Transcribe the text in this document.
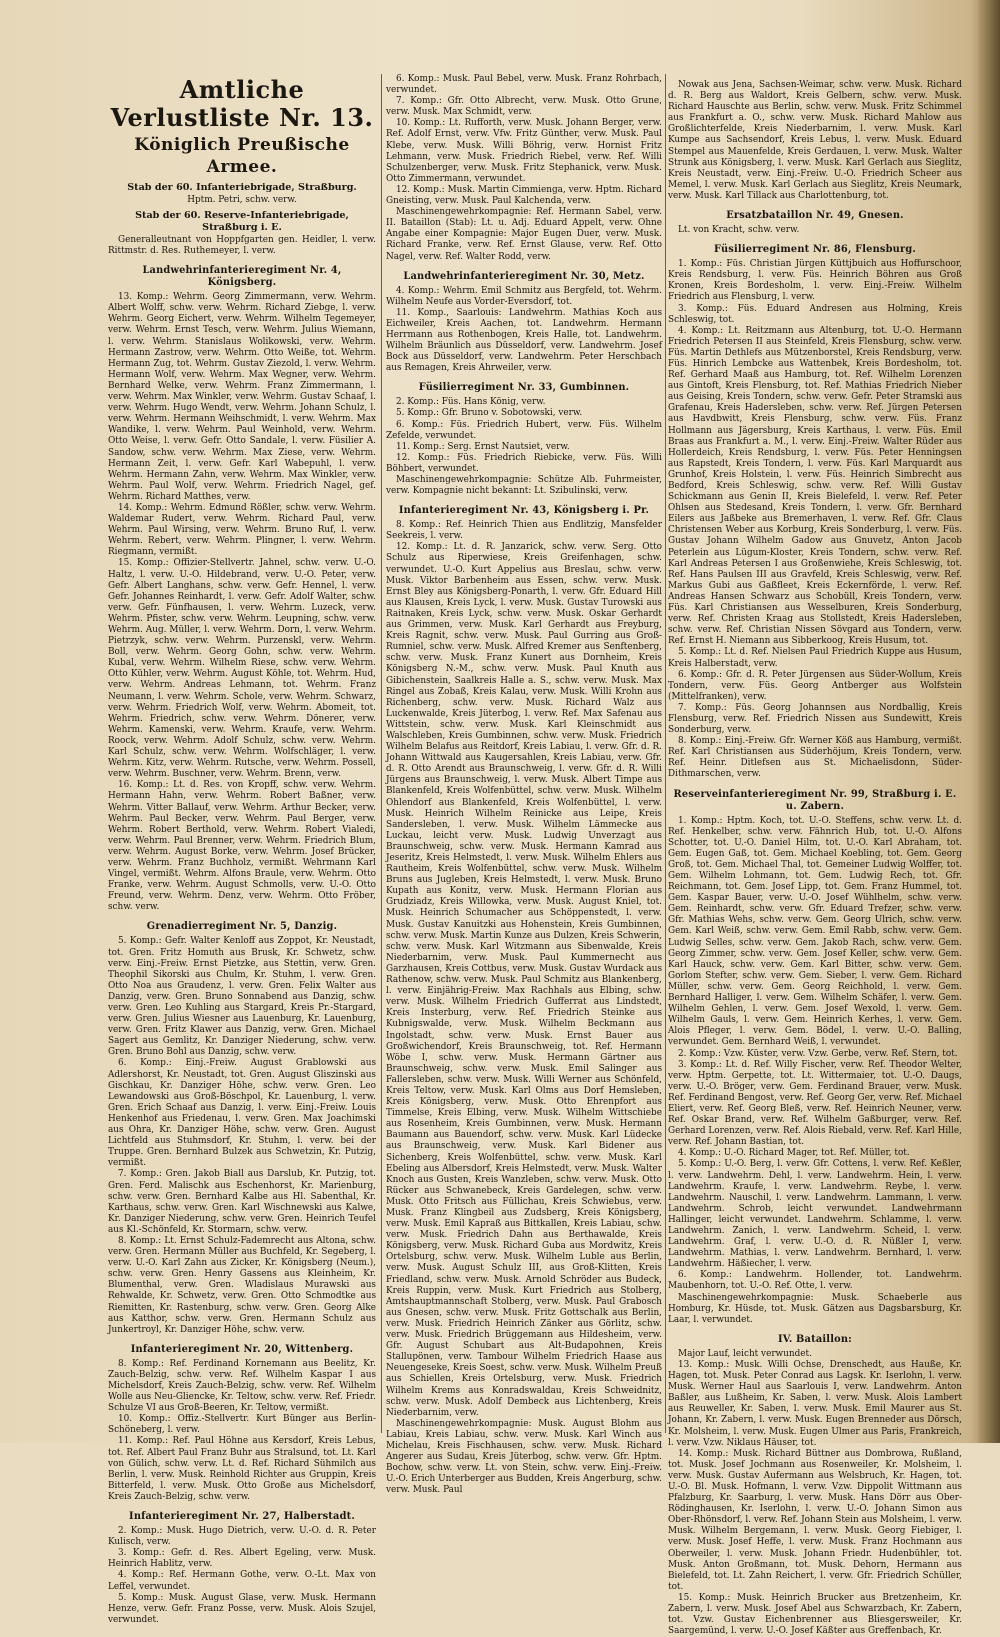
Amtliche Verlustliste Nr. 13.
Königlich Preußische Armee.
Stab der 60. Infanteriebrigade, Straßburg.
Hptm. Petri, schw. verw.
Stab der 60. Reserve-Infanteriebrigade, Straßburg i. E.
Generalleutnant von Hoppfgarten gen. Heidler, l. verw. Rittmstr. d. Res. Ruthemeyer, l. verw.
Landwehrinfanterieregiment Nr. 4, Königsberg.
13. Komp.: Wehrm. Georg Zimmermann, verw. Wehrm. Albert Wolff, schw. verw. Wehrm. Richard Ziebge, l. verw. Wehrm. Georg Eichert, verw. Wehrm. Wilhelm Tegemeyer, verw. Wehrm. Ernst Tesch, verw. Wehrm. Julius Wiemann, l. verw. Wehrm. Stanislaus Wolikowski, verw. Wehrm. Hermann Zastrow, verw. Wehrm. Otto Weiße, tot. Wehrm. Hermann Zug, tot. Wehrm. Gustav Ziezold, l. verw. Wehrm. Hermann Wolf, verw. Wehrm. Max Wegner, verw. Wehrm. Bernhard Welke, verw. Wehrm. Franz Zimmermann, l. verw. Wehrm. Max Winkler, verw. Wehrm. Gustav Schaaf, l. verw. Wehrm. Hugo Wendt, verw. Wehrm. Johann Schulz, l. verw. Wehrm. Hermann Weihschmidt, l. verw. Wehrm. Max Wandike, l. verw. Wehrm. Paul Weinhold, verw. Wehrm. Otto Weise, l. verw. Gefr. Otto Sandale, l. verw. Füsilier A. Sandow, schw. verw. Wehrm. Max Ziese, verw. Wehrm. Hermann Zeit, l. verw. Gefr. Karl Wabepuhl, l. verw. Wehrm. Hermann Zahn, verw. Wehrm. Max Winkler, verw. Wehrm. Paul Wolf, verw. Wehrm. Friedrich Nagel, gef. Wehrm. Richard Matthes, verw.
14. Komp.: Wehrm. Edmund Rößler, schw. verw. Wehrm. Waldemar Rudert, verw. Wehrm. Richard Paul, verw. Wehrm. Paul Wirsing, verw. Wehrm. Bruno Ruf, l. verw. Wehrm. Rebert, verw. Wehrm. Plingner, l. verw. Wehrm. Riegmann, vermißt.
15. Komp.: Offizier-Stellvertr. Jahnel, schw. verw. U.-O. Haltz, l. verw. U.-O. Hildebrand, verw. U.-O. Peter, verw. Gefr. Albert Langhans, schw. verw. Gefr. Hennel, l. verw. Gefr. Johannes Reinhardt, l. verw. Gefr. Adolf Walter, schw. verw. Gefr. Fünfhausen, l. verw. Wehrm. Luzeck, verw. Wehrm. Pfister, schw. verw. Wehrm. Leupning, schw. verw. Wehrm. Aug. Müller, l. verw. Wehrm. Dorn, l. verw. Wehrm. Pietrzyk, schw. verw. Wehrm. Purzenskl, verw. Wehrm. Boll, verw. Wehrm. Georg Gohn, schw. verw. Wehrm. Kubal, verw. Wehrm. Wilhelm Riese, schw. verw. Wehrm. Otto Kühler, verw. Wehrm. August Köhle, tot. Wehrm. Hud, verw. Wehrm. Andreas Lehmann, tot. Wehrm. Franz Neumann, l. verw. Wehrm. Schole, verw. Wehrm. Schwarz, verw. Wehrm. Friedrich Wolf, verw. Wehrm. Abomeit, tot. Wehrm. Friedrich, schw. verw. Wehrm. Dönerer, verw. Wehrm. Kamenski, verw. Wehrm. Kraufe, verw. Wehrm. Roock, verw. Wehrm. Adolf Schulz, schw. verw. Wehrm. Karl Schulz, schw. verw. Wehrm. Wolfschläger, l. verw. Wehrm. Kitz, verw. Wehrm. Rutsche, verw. Wehrm. Possell, verw. Wehrm. Buschner, verw. Wehrm. Brenn, verw.
16. Komp.: Lt. d. Res. von Kropff, schw. verw. Wehrm. Hermann Hahn, verw. Wehrm. Robert Baßner, verw. Wehrm. Vitter Ballauf, verw. Wehrm. Arthur Becker, verw. Wehrm. Paul Becker, verw. Wehrm. Paul Berger, verw. Wehrm. Robert Berthold, verw. Wehrm. Robert Vialedi, verw. Wehrm. Paul Brenner, verw. Wehrm. Friedrich Blum, verw. Wehrm. August Borke, verw. Wehrm. Josef Brücker, verw. Wehrm. Franz Buchholz, vermißt. Wehrmann Karl Vingel, vermißt. Wehrm. Alfons Braule, verw. Wehrm. Otto Franke, verw. Wehrm. August Schmolls, verw. U.-O. Otto Freund, verw. Wehrm. Denz, verw. Wehrm. Otto Fröber, schw. verw.
Grenadierregiment Nr. 5, Danzig.
5. Komp.: Gefr. Walter Kenloff aus Zoppot, Kr. Neustadt, tot. Gren. Fritz Homuth aus Brusk, Kr. Schwetz, schw. verw. Einj.-Freiw. Ernst Pietzke, aus Stettin, verw. Gren. Theophil Sikorski aus Chulm, Kr. Stuhm, l. verw. Gren. Otto Noa aus Graudenz, l. verw. Gren. Felix Walter aus Danzig, verw. Gren. Bruno Sonnabend aus Danzig, schw. verw. Gren. Leo Kuhling aus Stargard, Kreis Pr.-Stargard, verw. Gren. Julius Wiesner aus Lauenburg, Kr. Lauenburg, verw. Gren. Fritz Klawer aus Danzig, verw. Gren. Michael Sagert aus Gemlitz, Kr. Danziger Niederung, schw. verw. Gren. Bruno Bohl aus Danzig, schw. verw.
6. Komp.: Einj.-Freiw. August Grablowski aus Adlershorst, Kr. Neustadt, tot. Gren. August Gliszinski aus Gischkau, Kr. Danziger Höhe, schw. verw. Gren. Leo Lewandowski aus Groß-Böschpol, Kr. Lauenburg, l. verw. Gren. Erich Schaaf aus Danzig, l. verw. Einj.-Freiw. Louis Henkenhof aus Friedenau, l. verw. Gren. Max Joachimski aus Ohra, Kr. Danziger Höhe, schw. verw. Gren. August Lichtfeld aus Stuhmsdorf, Kr. Stuhm, l. verw. bei der Truppe. Gren. Bernhard Bulzek aus Schwetzin, Kr. Putzig, vermißt.
7. Komp.: Gren. Jakob Biall aus Darslub, Kr. Putzig, tot. Gren. Ferd. Malischk aus Eschenhorst, Kr. Marienburg, schw. verw. Gren. Bernhard Kalbe aus Hl. Sabenthal, Kr. Karthaus, schw. verw. Gren. Karl Wischnewski aus Kalwe, Kr. Danziger Niederung, schw. verw. Gren. Heinrich Teufel aus Kl.-Schönfeld, Kr. Stormarn, schw. verw.
8. Komp.: Lt. Ernst Schulz-Fademrecht aus Altona, schw. verw. Gren. Hermann Müller aus Buchfeld, Kr. Segeberg, l. verw. U.-O. Karl Zahn aus Zicker, Kr. Königsberg (Neum.), schw. verw. Gren. Henry Gassens aus Kleinheim, Kr. Blumenthal, verw. Gren. Wladislaus Murawski aus Rehwalde, Kr. Schwetz, verw. Gren. Otto Schmodtke aus Riemitten, Kr. Rastenburg, schw. verw. Gren. Georg Alke aus Katthor, schw. verw. Gren. Hermann Schulz aus Junkertroyl, Kr. Danziger Höhe, schw. verw.
Infanterieregiment Nr. 20, Wittenberg.
8. Komp.: Ref. Ferdinand Kornemann aus Beelitz, Kr. Zauch-Belzig, schw. verw. Ref. Wilhelm Kaspar I aus Michelsdorf, Kreis Zauch-Belzig, schw. verw. Ref. Wilhelm Wolle aus Neu-Gliencke, Kr. Teltow, schw. verw. Ref. Friedr. Schulze VI aus Groß-Beeren, Kr. Teltow, vermißt.
10. Komp.: Offiz.-Stellvertr. Kurt Bünger aus Berlin-Schöneberg, l. verw.
11. Komp.: Ref. Paul Höhne aus Kersdorf, Kreis Lebus, tot. Ref. Albert Paul Franz Buhr aus Stralsund, tot. Lt. Karl von Gülich, schw. verw. Lt. d. Ref. Richard Sühmilch aus Berlin, l. verw. Musk. Reinhold Richter aus Gruppin, Kreis Bitterfeld, l. verw. Musk. Otto Große aus Michelsdorf, Kreis Zauch-Belzig, schw. verw.
Infanterieregiment Nr. 27, Halberstadt.
2. Komp.: Musk. Hugo Dietrich, verw. U.-O. d. R. Peter Kulisch, verw.
3. Komp.: Gefr. d. Res. Albert Egeling, verw. Musk. Heinrich Hablitz, verw.
4. Komp.: Ref. Hermann Gothe, verw. O.-Lt. Max von Leffel, verwundet.
5. Komp.: Musk. August Glase, verw. Musk. Hermann Henze, verw. Gefr. Franz Posse, verw. Musk. Alois Szujel, verwundet.
6. Komp.: Musk. Paul Bebel, verw. Musk. Franz Rohrbach, verwundet.
7. Komp.: Gfr. Otto Albrecht, verw. Musk. Otto Grune, verw. Musk. Max Schmidt, verw.
10. Komp.: Lt. Rufforth, verw. Musk. Johann Berger, verw. Ref. Adolf Ernst, verw. Vfw. Fritz Günther, verw. Musk. Paul Klebe, verw. Musk. Willi Böhrig, verw. Hornist Fritz Lehmann, verw. Musk. Friedrich Riebel, verw. Ref. Willi Schulzenberger, verw. Musk. Fritz Stephanick, verw. Musk. Otto Zimmermann, verwundet.
12. Komp.: Musk. Martin Cimmienga, verw. Hptm. Richard Gneisting, verw. Musk. Paul Kalchenda, verw.
Maschinengewehrkompagnie: Ref. Hermann Sabel, verw. II. Bataillon (Stab): Lt. u. Adj. Eduard Appelt, verw. Ohne Angabe einer Kompagnie: Major Eugen Duer, verw. Musk. Richard Franke, verw. Ref. Ernst Glause, verw. Ref. Otto Nagel, verw. Ref. Walter Rodd, verw.
Landwehrinfanterieregiment Nr. 30, Metz.
4. Komp.: Wehrm. Emil Schmitz aus Bergfeld, tot. Wehrm. Wilhelm Neufe aus Vorder-Eversdorf, tot.
11. Komp., Saarlouis: Landwehrm. Mathias Koch aus Eichweiler, Kreis Aachen, tot. Landwehrm. Hermann Herrmann aus Rothenbogen, Kreis Halle, tot. Landwehrm. Wilhelm Bräunlich aus Düsseldorf, verw. Landwehrm. Josef Bock aus Düsseldorf, verw. Landwehrm. Peter Herschbach aus Remagen, Kreis Ahrweiler, verw.
Füsilierregiment Nr. 33, Gumbinnen.
2. Komp.: Füs. Hans König, verw.
5. Komp.: Gfr. Bruno v. Sobotowski, verw.
6. Komp.: Füs. Friedrich Hubert, verw. Füs. Wilhelm Zefelde, verwundet.
11. Komp.: Serg. Ernst Nautsiet, verw.
12. Komp.: Füs. Friedrich Riebicke, verw. Füs. Willi Böhbert, verwundet.
Maschinengewehrkompagnie: Schütze Alb. Fuhrmeister, verw. Kompagnie nicht bekannt: Lt. Szibulinski, verw.
Infanterieregiment Nr. 43, Königsberg i. Pr.
8. Komp.: Ref. Heinrich Thien aus Endlitzig, Mansfelder Seekreis, l. verw.
12. Komp.: Lt. d. R. Janzarick, schw. verw. Serg. Otto Schulz aus Riperwiese, Kreis Greifenhagen, schw. verwundet. U.-O. Kurt Appelius aus Breslau, schw. verw. Musk. Viktor Barbenheim aus Essen, schw. verw. Musk. Ernst Bley aus Königsberg-Ponarth, l. verw. Gfr. Eduard Hill aus Klausen, Kreis Lyck, l. verw. Musk. Gustav Turowski aus Raitnaken, Kreis Lyck, schw. verw. Musk. Oskar Gerhardt aus Grimmen, verw. Musk. Karl Gerhardt aus Freyburg, Kreis Ragnit, schw. verw. Musk. Paul Gurring aus Groß-Rumniel, schw. verw. Musk. Alfred Kremer aus Senftenberg, schw. verw. Musk. Franz Kunert aus Dornheim, Kreis Königsberg N.-M., schw. verw. Musk. Paul Knuth aus Gibichenstein, Saalkreis Halle a. S., schw. verw. Musk. Max Ringel aus Zobaß, Kreis Kalau, verw. Musk. Willi Krohn aus Richenberg, schw. verw. Musk. Richard Walz aus Luckenwalde, Kreis Jüterbog, l. verw. Ref. Max Safenau aus Wittstein, schw. verw. Musk. Karl Kleinschmidt aus Walschleben, Kreis Gumbinnen, schw. verw. Musk. Friedrich Wilhelm Belafus aus Reitdorf, Kreis Labiau, l. verw. Gfr. d. R. Johann Wittwald aus Kaugersahlen, Kreis Labiau, verw. Gfr. d. R. Otto Arendt aus Braunschweig, l. verw. Gfr. d. R. Willi Jürgens aus Braunschweig, l. verw. Musk. Albert Timpe aus Blankenfeld, Kreis Wolfenbüttel, schw. verw. Musk. Wilhelm Ohlendorf aus Blankenfeld, Kreis Wolfenbüttel, l. verw. Musk. Heinrich Wilhelm Reinicke aus Leipe, Kreis Sandersleben, l. verw. Musk. Wilhelm Lämmecke aus Luckau, leicht verw. Musk. Ludwig Unverzagt aus Braunschweig, schw. verw. Musk. Hermann Kamrad aus Jeseritz, Kreis Helmstedt, l. verw. Musk. Wilhelm Ehlers aus Rautheim, Kreis Wolfenbüttel, schw. verw. Musk. Wilhelm Bruns aus Jugleben, Kreis Helmstedt, l. verw. Musk. Bruno Kupath aus Konitz, verw. Musk. Hermann Florian aus Grudziadz, Kreis Willowka, verw. Musk. August Kniel, tot. Musk. Heinrich Schumacher aus Schöppenstedt, l. verw. Musk. Gustav Kanuitzki aus Hohenstein, Kreis Gumbinnen, schw. verw. Musk. Martin Kunze aus Dulzen, Kreis Schwerin, schw. verw. Musk. Karl Witzmann aus Sibenwalde, Kreis Niederbarnim, verw. Musk. Paul Kummernecht aus Garzhausen, Kreis Cottbus, verw. Musk. Gustav Wurdack aus Rathenow, schw. verw. Musk. Paul Schmitz aus Blankenberg, l. verw. Einjährig-Freiw. Max Rachhals aus Elbing, schw. verw. Musk. Wilhelm Friedrich Gufferrat aus Lindstedt, Kreis Insterburg, verw. Ref. Friedrich Steinke aus Kubnigswalde, verw. Musk. Wilhelm Beckmann aus Ingolstadt, schw. verw. Musk. Ernst Bauer aus Großwichendorf, Kreis Braunschweig, tot. Ref. Hermann Wöbe I, schw. verw. Musk. Hermann Gärtner aus Braunschweig, schw. verw. Musk. Emil Salinger aus Fallersleben, schw. verw. Musk. Willi Werner aus Schönfeld, Kreis Teltow, verw. Musk. Karl Olms aus Dorf Hemsleben, Kreis Königsberg, verw. Musk. Otto Ehrenpfort aus Timmelse, Kreis Elbing, verw. Musk. Wilhelm Wittschiebe aus Rosenheim, Kreis Gumbinnen, verw. Musk. Hermann Baumann aus Bauendorf, schw. verw. Musk. Karl Lüdecke aus Braunschweig, verw. Musk. Karl Bidener aus Sichenberg, Kreis Wolfenbüttel, schw. verw. Musk. Karl Ebeling aus Albersdorf, Kreis Helmstedt, verw. Musk. Walter Knoch aus Gusten, Kreis Wanzleben, schw. verw. Musk. Otto Rücker aus Schwanebeck, Kreis Gardelegen, schw. verw. Musk. Otto Fritsch aus Füllichau, Kreis Schwiebus, verw. Musk. Franz Klingbeil aus Zudsberg, Kreis Königsberg, verw. Musk. Emil Kapraß aus Bittkallen, Kreis Labiau, schw. verw. Musk. Friedrich Dahn aus Berthawalde, Kreis Königsberg, verw. Musk. Richard Guba aus Mordwitz, Kreis Ortelsburg, schw. verw. Musk. Wilhelm Luble aus Berlin, verw. Musk. August Schulz III, aus Groß-Klitten, Kreis Friedland, schw. verw. Musk. Arnold Schröder aus Budeck, Kreis Ruppin, verw. Musk. Kurt Friedrich aus Stolberg, Amtshauptmannschaft Stolberg, verw. Musk. Paul Grabosch aus Gnesen, schw. verw. Musk. Fritz Gottschalk aus Berlin, verw. Musk. Friedrich Heinrich Zänker aus Görlitz, schw. verw. Musk. Friedrich Brüggemann aus Hildesheim, verw. Gfr. August Schubart aus Alt-Budapohnen, Kreis Stallupönen, verw. Tambour Wilhelm Friedrich Haase aus Neuengeseke, Kreis Soest, schw. verw. Musk. Wilhelm Preuß aus Schiellen, Kreis Ortelsburg, verw. Musk. Friedrich Wilhelm Krems aus Konradswaldau, Kreis Schweidnitz, schw. verw. Musk. Adolf Dembeck aus Lichtenberg, Kreis Niederbarnim, verw.
Maschinengewehrkompagnie: Musk. August Blohm aus Labiau, Kreis Labiau, schw. verw. Musk. Karl Winch aus Michelau, Kreis Fischhausen, schw. verw. Musk. Richard Angerer aus Sudau, Kreis Jüterbog, schw. verw. Gfr. Hptm. Bochow, schw. verw. Lt. von Stein, schw. verw. Einj.-Freiw. U.-O. Erich Unterberger aus Budden, Kreis Angerburg, schw. verw. Musk. Paul
Nowak aus Jena, Sachsen-Weimar, schw. verw. Musk. Richard d. R. Berg aus Waldort, Kreis Gelbern, schw. verw. Musk. Richard Hauschte aus Berlin, schw. verw. Musk. Fritz Schimmel aus Frankfurt a. O., schw. verw. Musk. Richard Mahlow aus Großlichterfelde, Kreis Niederbarnim, l. verw. Musk. Karl Kumpe aus Sachsendorf, Kreis Lebus, l. verw. Musk. Eduard Stempel aus Mauenfelde, Kreis Gerdauen, l. verw. Musk. Walter Strunk aus Königsberg, l. verw. Musk. Karl Gerlach aus Sieglitz, Kreis Neustadt, verw. Einj.-Freiw. U.-O. Friedrich Scheer aus Memel, l. verw. Musk. Karl Gerlach aus Sieglitz, Kreis Neumark, verw. Musk. Karl Tillack aus Charlottenburg, tot.
Ersatzbataillon Nr. 49, Gnesen.
Lt. von Kracht, schw. verw.
Füsilierregiment Nr. 86, Flensburg.
1. Komp.: Füs. Christian Jürgen Küttjbuich aus Hoffurschoor, Kreis Rendsburg, l. verw. Füs. Heinrich Böhren aus Groß Kronen, Kreis Bordesholm, l. verw. Einj.-Freiw. Wilhelm Friedrich aus Flensburg, l. verw.
3. Komp.: Füs. Eduard Andresen aus Holming, Kreis Schleswig, tot.
4. Komp.: Lt. Reitzmann aus Altenburg, tot. U.-O. Hermann Friedrich Petersen II aus Steinfeld, Kreis Flensburg, schw. verw. Füs. Martin Dethlefs aus Mützenborstel, Kreis Rendsburg, verw. Füs. Hinrich Lembcke aus Wattenbek, Kreis Bordesholm, tot. Ref. Gerhard Maaß aus Hamburg, tot. Ref. Wilhelm Lorenzen aus Gintoft, Kreis Flensburg, tot. Ref. Mathias Friedrich Nieber aus Geising, Kreis Tondern, schw. verw. Gefr. Peter Stramski aus Grafenau, Kreis Hadersleben, schw. verw. Ref. Jürgen Petersen aus Havdbwitt, Kreis Flensburg, schw. verw. Füs. Franz Hollmann aus Jägersburg, Kreis Karthaus, l. verw. Füs. Emil Braas aus Frankfurt a. M., l. verw. Einj.-Freiw. Walter Rüder aus Hollerdeich, Kreis Rendsburg, l. verw. Füs. Peter Henningsen aus Rapstedt, Kreis Tondern, l. verw. Füs. Karl Marquardt aus Grunhof, Kreis Holstein, l. verw. Füs. Heinrich Simbrecht aus Bedford, Kreis Schleswig, schw. verw. Ref. Willi Gustav Schickmann aus Genin II, Kreis Bielefeld, l. verw. Ref. Peter Ohlsen aus Stedesand, Kreis Tondern, l. verw. Gfr. Bernhard Eilers aus Jaßbeke aus Bremerhaven, l. verw. Ref. Gfr. Claus Christensen Weber aus Korburg, Kreis Sonderburg, l. verw. Füs. Gustav Johann Wilhelm Gadow aus Gnuvetz, Anton Jacob Peterlein aus Lügum-Kloster, Kreis Tondern, schw. verw. Ref. Karl Andreas Petersen I aus Großenwiehe, Kreis Schleswig, tot. Ref. Hans Paulsen III aus Gravfeld, Kreis Schleswig, verw. Ref. Markus Gubi aus Gaßfleet, Kreis Eckernförde, l. verw. Ref. Andreas Hansen Schwarz aus Schobüll, Kreis Tondern, verw. Füs. Karl Christiansen aus Wesselburen, Kreis Sonderburg, verw. Ref. Christen Kraag aus Stollstedt, Kreis Hadersleben, schw. verw. Ref. Christian Nissen Sövgard aus Tondern, verw. Ref. Ernst H. Niemann aus Sibberkoog, Kreis Husum, tot.
5. Komp.: Lt. d. Ref. Nielsen Paul Friedrich Kuppe aus Husum, Kreis Halberstadt, verw.
6. Komp.: Gfr. d. R. Peter Jürgensen aus Süder-Wollum, Kreis Tondern, verw. Füs. Georg Antberger aus Wolfstein (Mittelfranken), verw.
7. Komp.: Füs. Georg Johannsen aus Nordballig, Kreis Flensburg, verw. Ref. Friedrich Nissen aus Sundewitt, Kreis Sonderburg, verw.
8. Komp.: Einj.-Freiw. Gfr. Werner Köß aus Hamburg, vermißt. Ref. Karl Christiansen aus Süderhöjum, Kreis Tondern, verw. Ref. Heinr. Ditlefsen aus St. Michaelisdonn, Süder-Dithmarschen, verw.
Reserveinfanterieregiment Nr. 99, Straßburg i. E. u. Zabern.
1. Komp.: Hptm. Koch, tot. U.-O. Steffens, schw. verw. Lt. d. Ref. Henkelber, schw. verw. Fähnrich Hub, tot. U.-O. Alfons Schotter, tot. U.-O. Daniel Hilm, tot. U.-O. Karl Abraham, tot. Gem. Eugen Gaß, tot. Gem. Michael Koebling, tot. Gem. Georg Groß, tot. Gem. Michael Thal, tot. Gemeiner Ludwig Wolffer, tot. Gem. Wilhelm Lohmann, tot. Gem. Ludwig Rech, tot. Gfr. Reichmann, tot. Gem. Josef Lipp, tot. Gem. Franz Hummel, tot. Gem. Kaspar Bauer, verw. U.-O. Josef Wühlhelm, schw. verw. Gem. Reinhardt, schw. verw. Gfr. Eduard Trefzer, schw. verw. Gfr. Mathias Wehs, schw. verw. Gem. Georg Ulrich, schw. verw. Gem. Karl Weiß, schw. verw. Gem. Emil Rabb, schw. verw. Gem. Ludwig Selles, schw. verw. Gem. Jakob Rach, schw. verw. Gem. Georg Zimmer, schw. verw. Gem. Josef Keller, schw. verw. Gem. Karl Hauck, schw. verw. Gem. Karl Bitter, schw. verw. Gem. Gorlom Stefter, schw. verw. Gem. Sieber, l. verw. Gem. Richard Müller, schw. verw. Gem. Georg Reichhold, l. verw. Gem. Bernhard Halliger, l. verw. Gem. Wilhelm Schäfer, l. verw. Gem. Wilhelm Gehlen, l. verw. Gem. Josef Wexold, l. verw. Gem. Wilhelm Gauls, l. verw. Gem. Heinrich Kerhes, l. verw. Gem. Alois Pfleger, l. verw. Gem. Bödel, l. verw. U.-O. Balling, verwundet. Gem. Bernhard Weiß, l. verwundet.
2. Komp.: Vzw. Küster, verw. Vzw. Gerbe, verw. Ref. Stern, tot.
3. Komp.: Lt. d. Ref. Willy Fischer, verw. Ref. Theodor Welter, verw. Hptm. Gerpette, tot. Lt. Wittermaier, tot. U.-O. Daugs, verw. U.-O. Bröger, verw. Gem. Ferdinand Brauer, verw. Musk. Ref. Ferdinand Bengost, verw. Ref. Georg Ger, verw. Ref. Michael Eliert, verw. Ref. Georg Bleß, verw. Ref. Heinrich Neuner, verw. Ref. Oskar Brand, verw. Ref. Wilhelm Gaßburger, verw. Ref. Gerhard Lorenzen, verw. Ref. Alois Riebald, verw. Ref. Karl Hille, verw. Ref. Johann Bastian, tot.
4. Komp.: U.-O. Richard Mager, tot. Ref. Müller, tot.
5. Komp.: U.-O. Berg, l. verw. Gfr. Cottens, l. verw. Ref. Keßler, l. verw. Landwehrm. Dehl, l. verw. Landwehrm. Hein, l. verw. Landwehrm. Kraufe, l. verw. Landwehrm. Reybe, l. verw. Landwehrm. Nauschil, l. verw. Landwehrm. Lammann, l. verw. Landwehrm. Schrob, leicht verwundet. Landwehrmann Hallinger, leicht verwundet. Landwehrm. Schlamme, l. verw. Landwehrm. Zanich, l. verw. Landwehrm. Scheid, l. verw. Landwehrm. Graf, l. verw. U.-O. d. R. Nüßler I, verw. Landwehrm. Mathias, l. verw. Landwehrm. Bernhard, l. verw. Landwehrm. Häßiecher, l. verw.
6. Komp.: Landwehrm. Hollender, tot. Landwehrm. Maubenhorn, tot. U.-O. Ref. Otte, l. verw.
Maschinengewehrkompagnie: Musk. Schaeberle aus Homburg, Kr. Hüsde, tot. Musk. Gätzen aus Dagsbarsburg, Kr. Laar, l. verwundet.
IV. Bataillon:
Major Lauf, leicht verwundet.
13. Komp.: Musk. Willi Ochse, Drenschedt, aus Hauße, Kr. Hagen, tot. Musk. Peter Conrad aus Lagsk. Kr. Iserlohn, l. verw. Musk. Werner Haul aus Saarlouis I, verw. Landwehrm. Anton Baßler, aus Lußheim, Kr. Saben, l. verw. Musk. Alois Lambert aus Reuweller, Kr. Saben, l. verw. Musk. Emil Maurer aus St. Johann, Kr. Zabern, l. verw. Musk. Eugen Brenneder aus Dörsch, Kr. Molsheim, l. verw. Musk. Eugen Ulmer aus Paris, Frankreich, l. verw. Vzw. Niklaus Häuser, tot.
14. Komp.: Musk. Richard Büttner aus Dombrowa, Rußland, tot. Musk. Josef Jochmann aus Rosenweiler, Kr. Molsheim, l. verw. Musk. Gustav Aufermann aus Welsbruch, Kr. Hagen, tot. U.-O. Bl. Musk. Hofmann, l. verw. Vzw. Dippolit Wittmann aus Pfalzburg, Kr. Saarburg, l. verw. Musk. Hans Dörr aus Ober-Rödinghausen, Kr. Iserlohn, l. verw. U.-O. Johann Simon aus Ober-Rhönsdorf, l. verw. Ref. Johann Stein aus Molsheim, l. verw. Musk. Wilhelm Bergemann, l. verw. Musk. Georg Fiebiger, l. verw. Musk. Josef Heffe, l. verw. Musk. Franz Hochmann aus Oberweiler, l. verw. Musk. Johann Friedr. Hudenbühler, tot. Musk. Anton Großmann, tot. Musk. Dehorn, Hermann aus Bielefeld, tot. Lt. Zahn Reichert, l. verw. Gfr. Friedrich Schüller, tot.
15. Komp.: Musk. Heinrich Brucker aus Bretzenheim, Kr. Zabern, l. verw. Musk. Josef Abel aus Schwarzbach, Kr. Zabern, tot. Vzw. Gustav Eichenbrenner aus Bliesgersweiler, Kr. Saargemünd, l. verw. U.-O. Josef Käßter aus Greffenbach, Kr.
